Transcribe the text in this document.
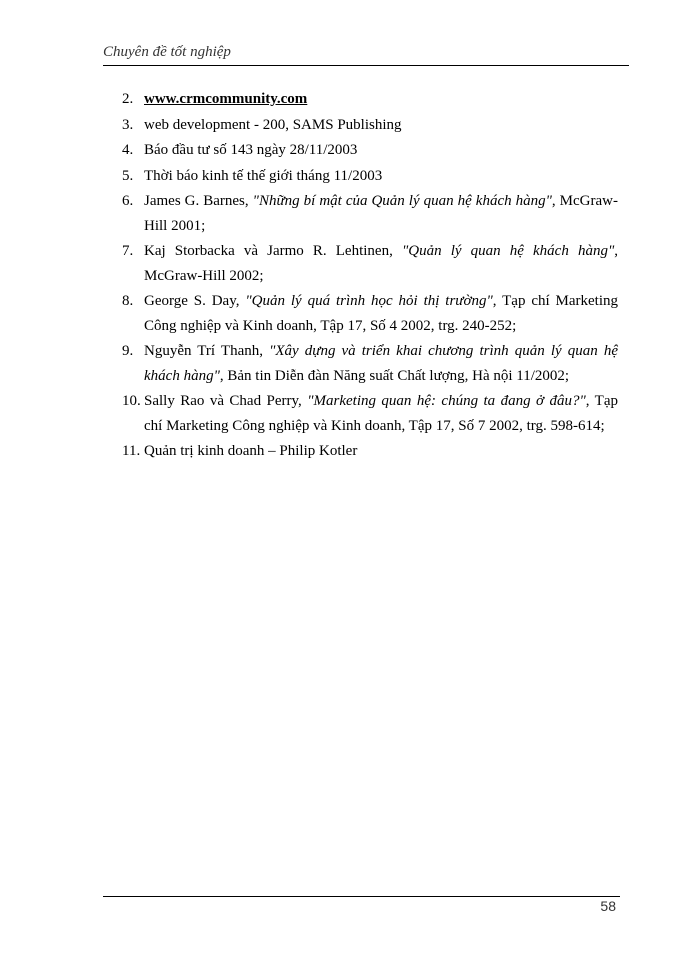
Chuyên đề tốt nghiệp
2. www.crmcommunity.com
3. web development - 200, SAMS Publishing
4. Báo đầu tư số 143 ngày 28/11/2003
5. Thời báo kinh tế thế giới tháng 11/2003
6. James G. Barnes, "Những bí mật của Quản lý quan hệ khách hàng", McGraw-Hill 2001;
7. Kaj Storbacka và Jarmo R. Lehtinen, "Quản lý quan hệ khách hàng", McGraw-Hill 2002;
8. George S. Day, "Quản lý quá trình học hỏi thị trường", Tạp chí Marketing Công nghiệp và Kinh doanh, Tập 17, Số 4 2002, trg. 240-252;
9. Nguyễn Trí Thanh, "Xây dựng và triển khai chương trình quản lý quan hệ khách hàng", Bản tin Diễn đàn Năng suất Chất lượng, Hà nội 11/2002;
10. Sally Rao và Chad Perry, "Marketing quan hệ: chúng ta đang ở đâu?", Tạp chí Marketing Công nghiệp và Kinh doanh, Tập 17, Số 7 2002, trg. 598-614;
11. Quản trị kinh doanh – Philip Kotler
58
